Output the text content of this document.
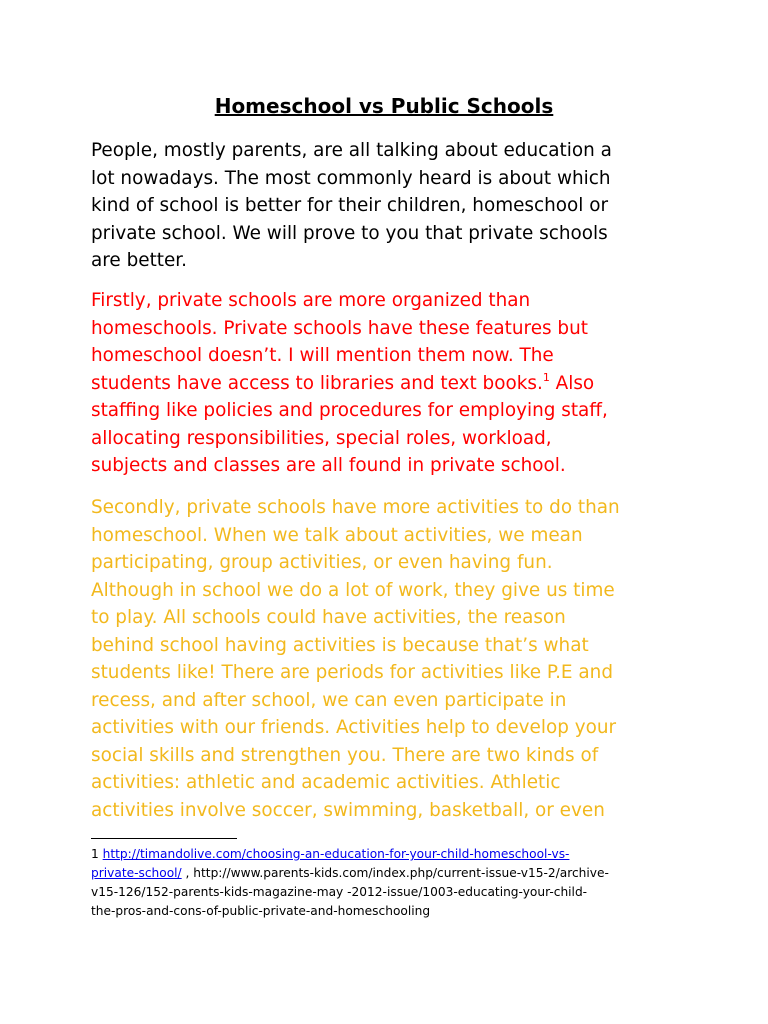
Homeschool vs Public Schools
People, mostly parents, are all talking about education a
lot nowadays. The most commonly heard is about which
kind of school is better for their children, homeschool or
private school. We will prove to you that private schools
are better.
Firstly, private schools are more organized than
homeschools. Private schools have these features but
homeschool doesn’t. I will mention them now. The
students have access to libraries and text books.$^1$ Also
staffing like policies and procedures for employing staff,
allocating responsibilities, special roles, workload,
subjects and classes are all found in private school.
Secondly, private schools have more activities to do than
homeschool. When we talk about activities, we mean
participating, group activities, or even having fun.
Although in school we do a lot of work, they give us time
to play. All schools could have activities, the reason
behind school having activities is because that’s what
students like! There are periods for activities like P.E and
recess, and after school, we can even participate in
activities with our friends. Activities help to develop your
social skills and strengthen you. There are two kinds of
activities: athletic and academic activities. Athletic
activities involve soccer, swimming, basketball, or even
1 http://timandolive.com/choosing-an-education-for-your-child-homeschool-vs-
private-school/ , http://www.parents-kids.com/index.php/current-issue-v15-2/archive-
v15-126/152-parents-kids-magazine-may -2012-issue/1003-educating-your-child-
the-pros-and-cons-of-public-private-and-homeschooling
